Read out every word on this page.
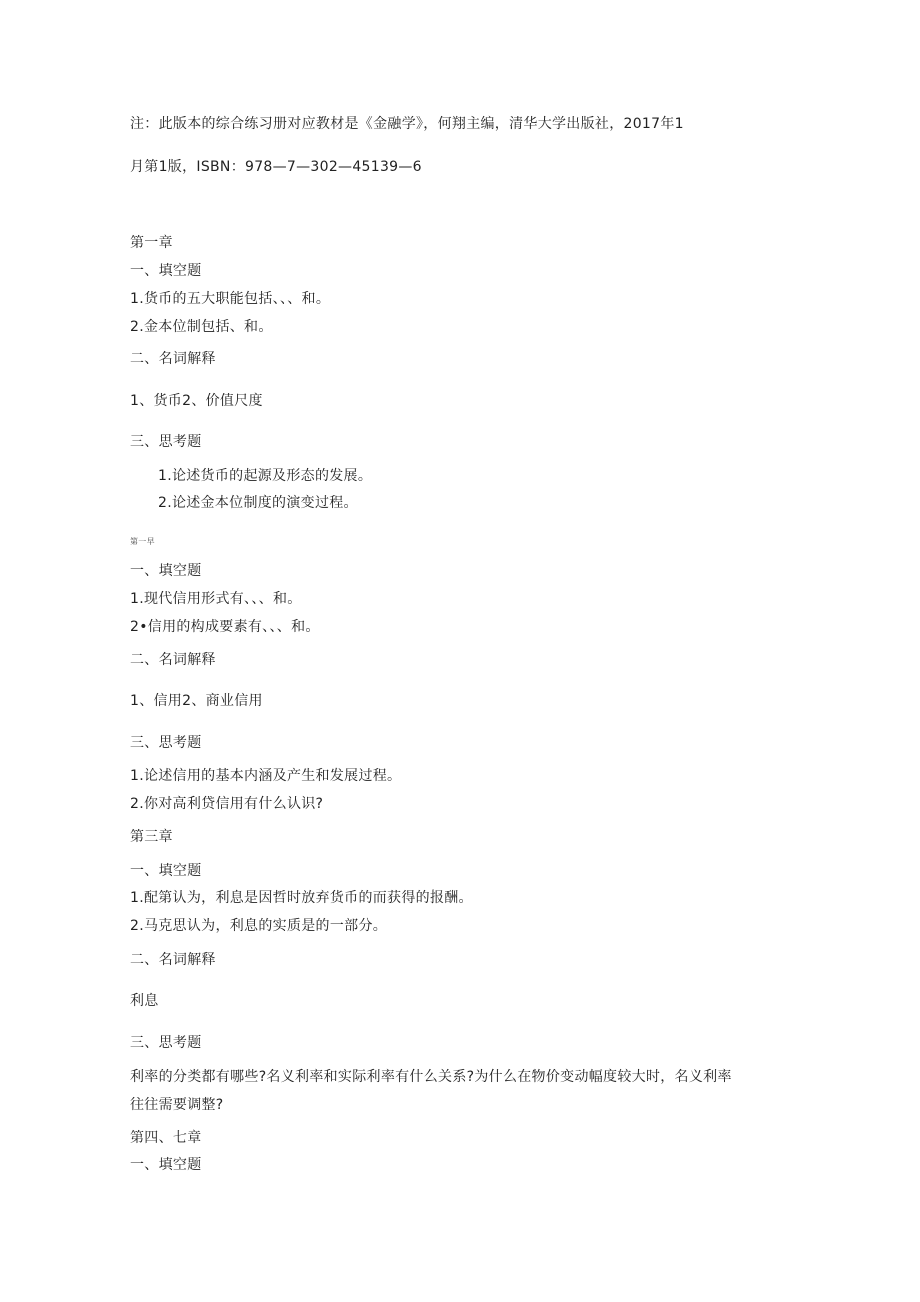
注：此版本的综合练习册对应教材是《金融学》，何翔主编，清华大学出版社，2017年1
月第1版，ISBN：978—7—302—45139—6
第一章
一、填空题
1.货币的五大职能包括、、、和。
2.金本位制包括、和。
二、名词解释
1、货币2、价值尺度
三、思考题
1.论述货币的起源及形态的发展。
2.论述金本位制度的演变过程。
第一早
一、填空题
1.现代信用形式有、、、和。
2•信用的构成要素有、、、和。
二、名词解释
1、信用2、商业信用
三、思考题
1.论述信用的基本内涵及产生和发展过程。
2.你对高利贷信用有什么认识?
第三章
一、填空题
1.配第认为，利息是因哲时放弃货币的而获得的报酬。
2.马克思认为，利息的实质是的一部分。
二、名词解释
利息
三、思考题
利率的分类都有哪些?名义利率和实际利率有什么关系?为什么在物价变动幅度较大时，名义利率
往往需要调整?
第四、七章
一、填空题
